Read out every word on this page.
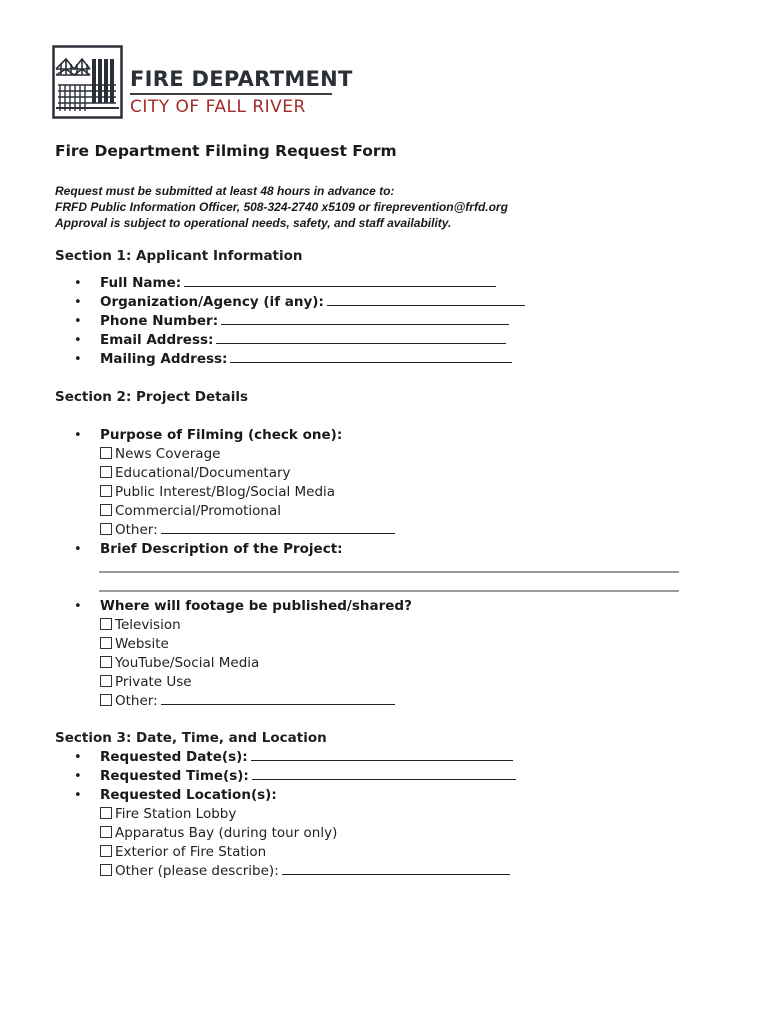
FIRE DEPARTMENT
CITY OF FALL RIVER
Fire Department Filming Request Form
Request must be submitted at least 48 hours in advance to:
FRFD Public Information Officer, 508-324-2740 x5109 or fireprevention@frfd.org
Approval is subject to operational needs, safety, and staff availability.
Section 1: Applicant Information
• Full Name:
• Organization/Agency (if any):
• Phone Number:
• Email Address:
• Mailing Address:
Section 2: Project Details
• Purpose of Filming (check one):
News Coverage
Educational/Documentary
Public Interest/Blog/Social Media
Commercial/Promotional
Other:
• Brief Description of the Project:
• Where will footage be published/shared?
Television
Website
YouTube/Social Media
Private Use
Other:
Section 3: Date, Time, and Location
• Requested Date(s):
• Requested Time(s):
• Requested Location(s):
Fire Station Lobby
Apparatus Bay (during tour only)
Exterior of Fire Station
Other (please describe):
